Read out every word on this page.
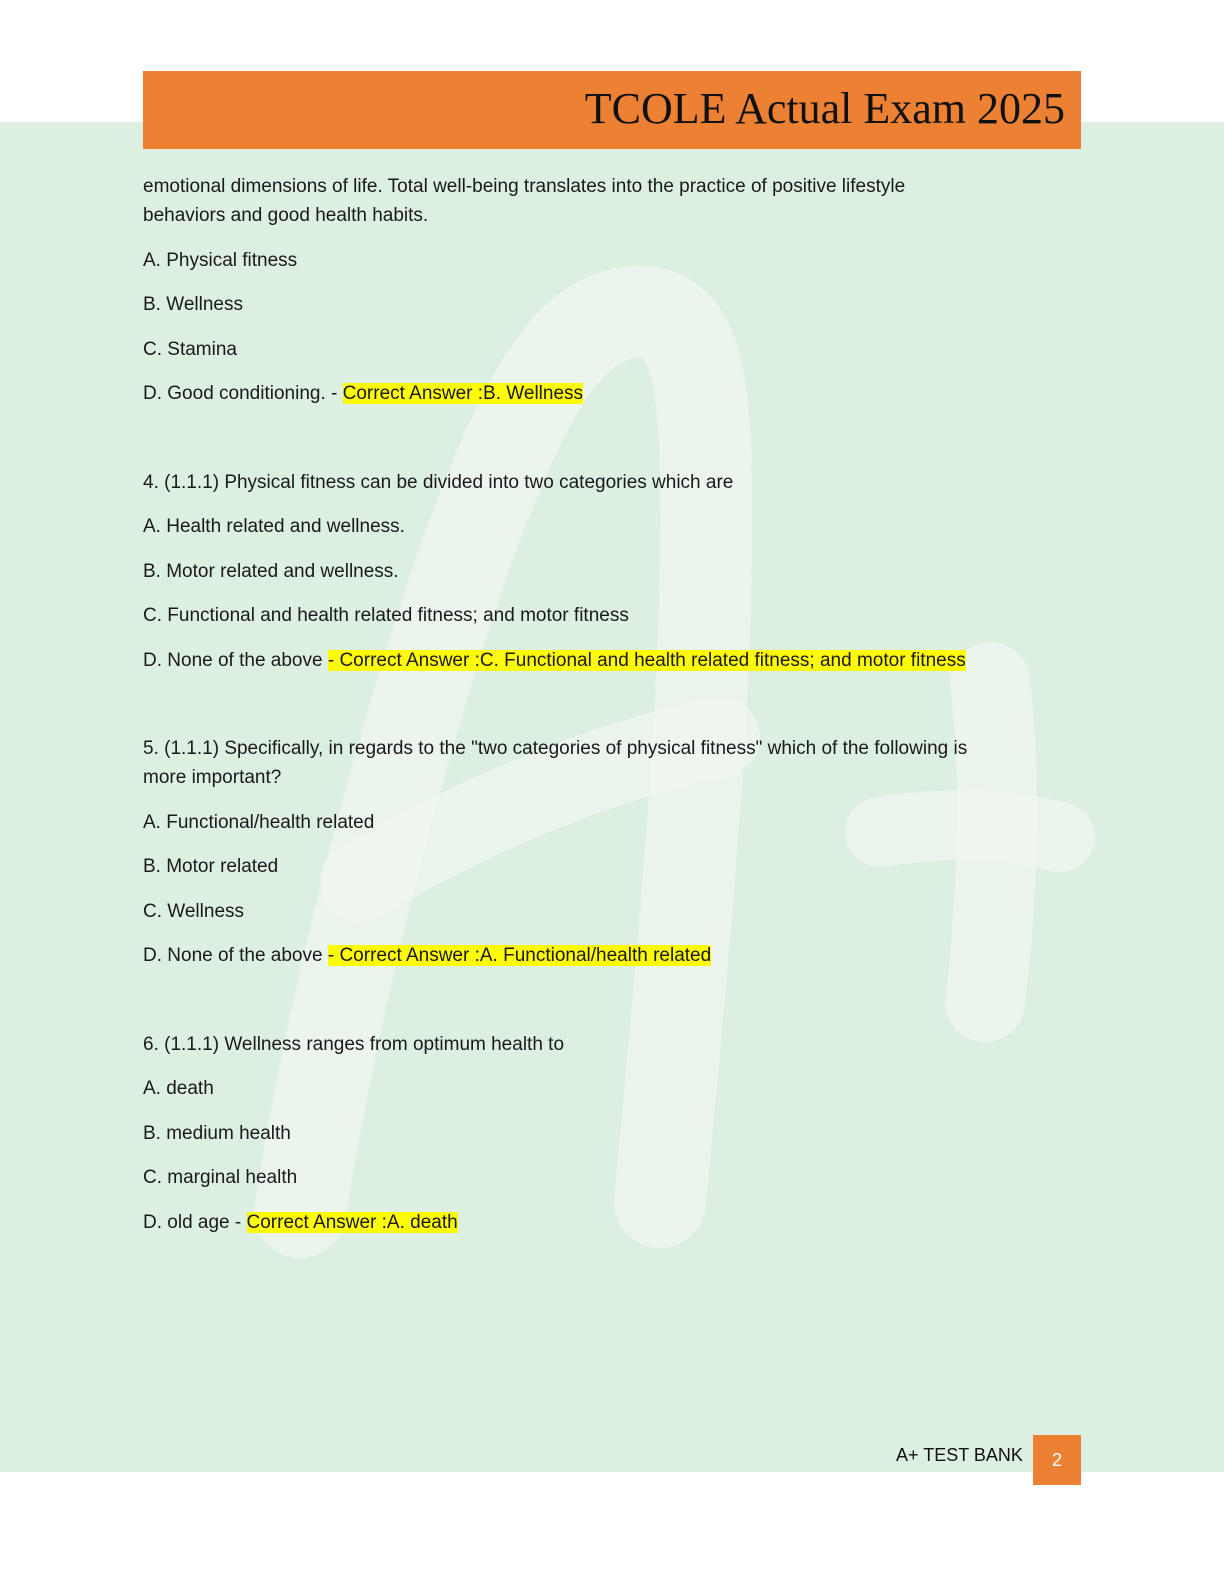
TCOLE Actual Exam 2025
emotional dimensions of life. Total well-being translates into the practice of positive lifestyle
behaviors and good health habits.
A. Physical fitness
B. Wellness
C. Stamina
D. Good conditioning. - Correct Answer :B. Wellness
4. (1.1.1) Physical fitness can be divided into two categories which are
A. Health related and wellness.
B. Motor related and wellness.
C. Functional and health related fitness; and motor fitness
D. None of the above - Correct Answer :C. Functional and health related fitness; and motor fitness
5. (1.1.1) Specifically, in regards to the "two categories of physical fitness" which of the following is
more important?
A. Functional/health related
B. Motor related
C. Wellness
D. None of the above - Correct Answer :A. Functional/health related
6. (1.1.1) Wellness ranges from optimum health to
A. death
B. medium health
C. marginal health
D. old age - Correct Answer :A. death
A+ TEST BANK 2
